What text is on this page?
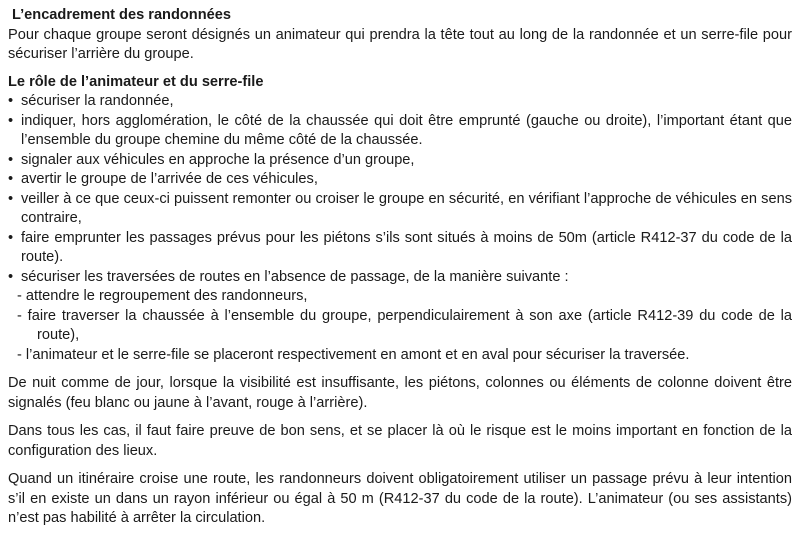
L’encadrement des randonnées

Pour chaque groupe seront désignés un animateur qui prendra la tête tout au long de la randonnée et un serre-file pour sécuriser l’arrière du groupe.

Le rôle de l’animateur et du serre-file

• sécuriser la randonnée,

• indiquer, hors agglomération, le côté de la chaussée qui doit être emprunté (gauche ou droite), l’important étant que l’ensemble du groupe chemine du même côté de la chaussée.

• signaler aux véhicules en approche la présence d’un groupe,

• avertir le groupe de l’arrivée de ces véhicules,

• veiller à ce que ceux-ci puissent remonter ou croiser le groupe en sécurité, en vérifiant l’approche de véhicules en sens contraire,

• faire emprunter les passages prévus pour les piétons s’ils sont situés à moins de 50m (article R412-37 du code de la route).

• sécuriser les traversées de routes en l’absence de passage, de la manière suivante :

- attendre le regroupement des randonneurs,

- faire traverser la chaussée à l’ensemble du groupe, perpendiculairement à son axe (article R412-39 du code de la route),

- l’animateur et le serre-file se placeront respectivement en amont et en aval pour sécuriser la traversée.

De nuit comme de jour, lorsque la visibilité est insuffisante, les piétons, colonnes ou éléments de colonne doivent être signalés (feu blanc ou jaune à l’avant, rouge à l’arrière).

Dans tous les cas, il faut faire preuve de bon sens, et se placer là où le risque est le moins important en fonction de la configuration des lieux.

Quand un itinéraire croise une route, les randonneurs doivent obligatoirement utiliser un passage prévu à leur intention s’il en existe un dans un rayon inférieur ou égal à 50 m (R412-37 du code de la route). L’animateur (ou ses assistants) n’est pas habilité à arrêter la circulation.
